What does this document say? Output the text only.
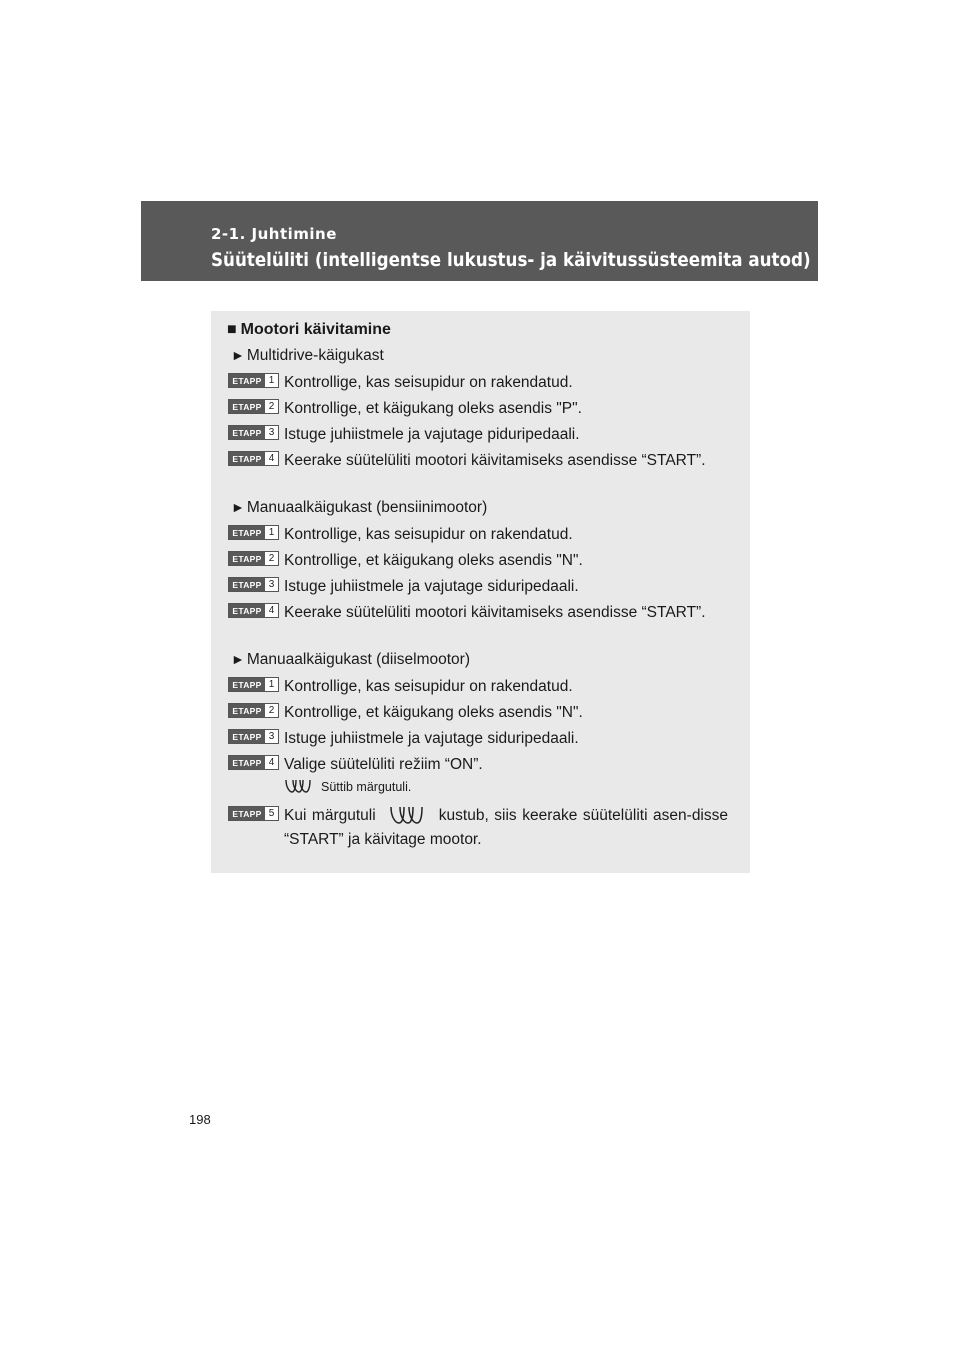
2-1. Juhtimine
Süütelüliti (intelligentse lukustus- ja käivitussüsteemita autod)
■ Mootori käivitamine
► Multidrive-käigukast
ETAPP 1 Kontrollige, kas seisupidur on rakendatud.
ETAPP 2 Kontrollige, et käigukang oleks asendis "P".
ETAPP 3 Istuge juhiistmele ja vajutage piduripedaali.
ETAPP 4 Keerake süütelüliti mootori käivitamiseks asendisse “START”.
► Manuaalkäigukast (bensiinimootor)
ETAPP 1 Kontrollige, kas seisupidur on rakendatud.
ETAPP 2 Kontrollige, et käigukang oleks asendis "N".
ETAPP 3 Istuge juhiistmele ja vajutage siduripedaali.
ETAPP 4 Keerake süütelüliti mootori käivitamiseks asendisse “START”.
► Manuaalkäigukast (diiselmootor)
ETAPP 1 Kontrollige, kas seisupidur on rakendatud.
ETAPP 2 Kontrollige, et käigukang oleks asendis "N".
ETAPP 3 Istuge juhiistmele ja vajutage siduripedaali.
ETAPP 4 Valige süütelüliti režiim “ON”.
Süttib märgutuli.
ETAPP 5 Kui märgutuli	kustub, siis keerake süütelüliti asen-disse “START” ja käivitage mootor.
198
